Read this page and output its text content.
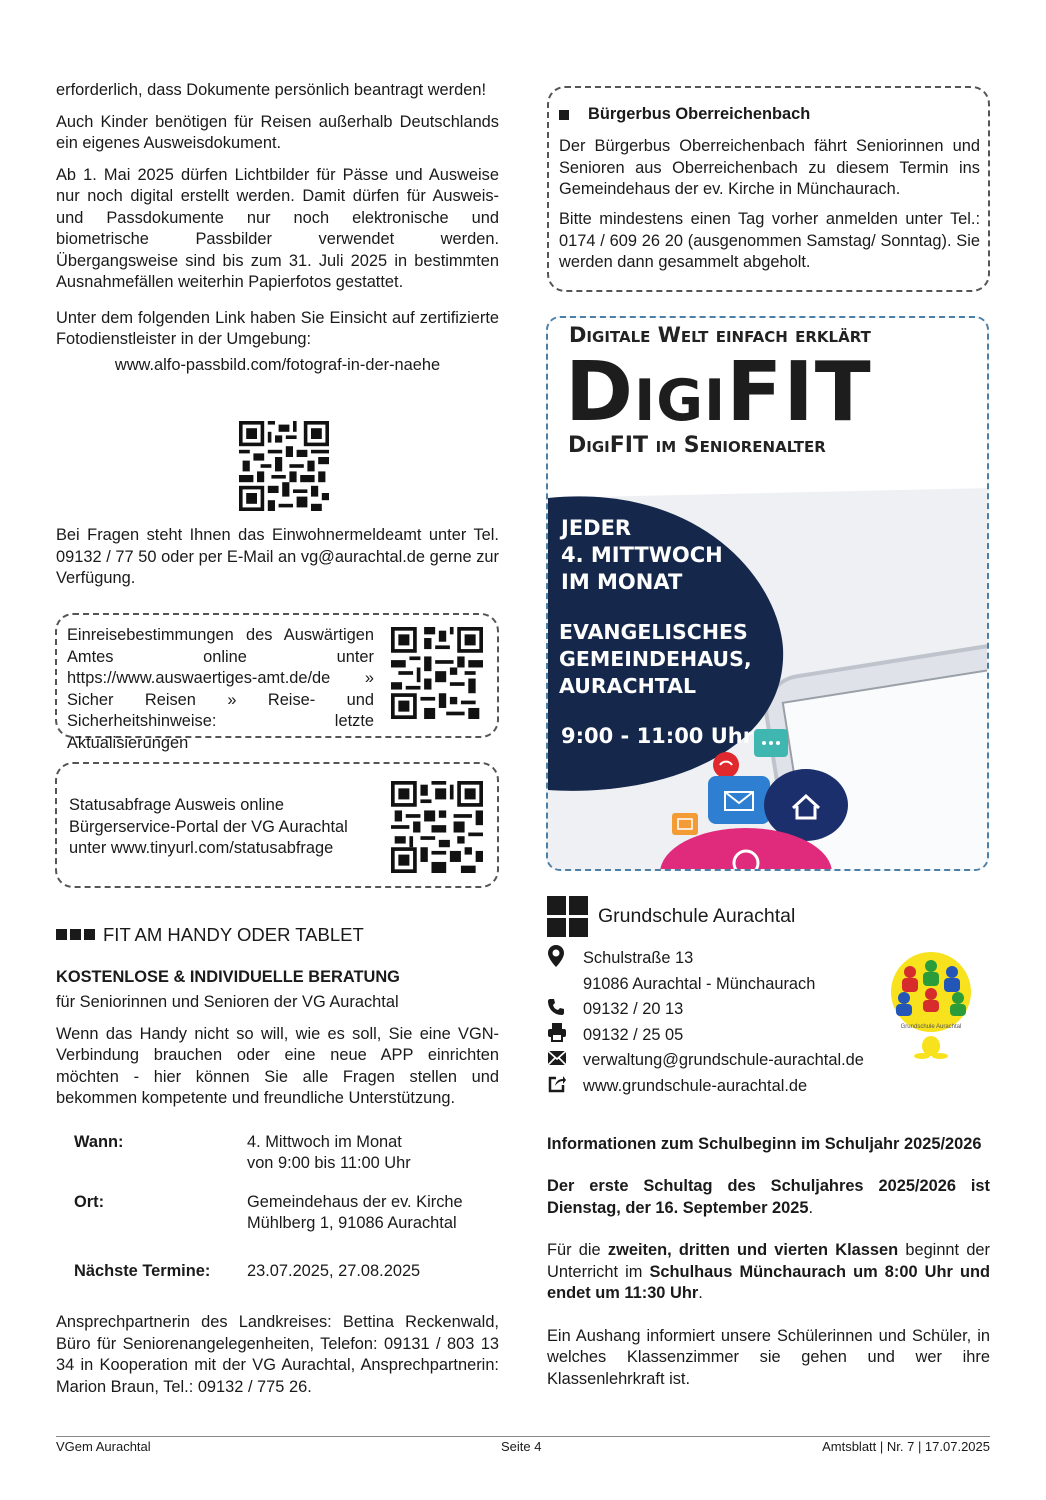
erforderlich, dass Dokumente persönlich beantragt werden!

Auch Kinder benötigen für Reisen außerhalb Deutschlands ein eigenes Ausweisdokument.

Ab 1. Mai 2025 dürfen Lichtbilder für Pässe und Ausweise nur noch digital erstellt werden. Damit dürfen für Ausweis- und Passdokumente nur noch elektronische und biometrische Passbilder verwendet werden. Übergangsweise sind bis zum 31. Juli 2025 in bestimmten Ausnahmefällen weiterhin Papierfotos gestattet.

Unter dem folgenden Link haben Sie Einsicht auf zertifizierte Fotodienstleister in der Umgebung:

www.alfo-passbild.com/fotograf-in-der-naehe

Bei Fragen steht Ihnen das Einwohnermeldeamt unter Tel. 09132 / 77 50 oder per E-Mail an vg@aurachtal.de gerne zur Verfügung.

Einreisebestimmungen des Auswärtigen Amtes online unter https://www.auswaertiges-amt.de/de » Sicher Reisen » Reise- und Sicherheitshinweise: letzte Aktualisierungen

Statusabfrage Ausweis online
Bürgerservice-Portal der VG Aurachtal
unter www.tinyurl.com/statusabfrage
FIT AM HANDY ODER TABLET
KOSTENLOSE & INDIVIDUELLE BERATUNG
für Seniorinnen und Senioren der VG Aurachtal

Wenn das Handy nicht so will, wie es soll, Sie eine VGN-Verbindung brauchen oder eine neue APP einrichten möchten - hier können Sie alle Fragen stellen und bekommen kompetente und freundliche Unterstützung.

Wann:	4. Mittwoch im Monat
von 9:00 bis 11:00 Uhr

Ort:	Gemeindehaus der ev. Kirche
Mühlberg 1, 91086 Aurachtal

Nächste Termine:	23.07.2025, 27.08.2025

Ansprechpartnerin des Landkreises: Bettina Reckenwald, Büro für Seniorenangelegenheiten, Telefon: 09131 / 803 13 34 in Kooperation mit der VG Aurachtal, Ansprechpartnerin: Marion Braun, Tel.: 09132 / 775 26.

Bürgerbus Oberreichenbach

Der Bürgerbus Oberreichenbach fährt Seniorinnen und Senioren aus Oberreichenbach zu diesem Termin ins Gemeindehaus der ev. Kirche in Münchaurach.

Bitte mindestens einen Tag vorher anmelden unter Tel.: 0174 / 609 26 20 (ausgenommen Samstag/ Sonntag). Sie werden dann gesammelt abgeholt.

Digitale Welt einfach erklärt
DigiFIT
DigiFIT im Seniorenalter
JEDER
4. MITTWOCH
IM MONAT
EVANGELISCHES
GEMEINDEHAUS,
AURACHTAL
9:00 - 11:00 Uhr
Grundschule Aurachtal
Schulstraße 13
91086 Aurachtal - Münchaurach
09132 / 20 13
09132 / 25 05
verwaltung@grundschule-aurachtal.de
www.grundschule-aurachtal.de
Grundschule Aurachtal
Informationen zum Schulbeginn im Schuljahr 2025/2026

Der erste Schultag des Schuljahres 2025/2026 ist Dienstag, der 16. September 2025.

Für die zweiten, dritten und vierten Klassen beginnt der Unterricht im Schulhaus Münchaurach um 8:00 Uhr und endet um 11:30 Uhr.

Ein Aushang informiert unsere Schülerinnen und Schüler, in welches Klassenzimmer sie gehen und wer ihre Klassenlehrkraft ist.

VGem Aurachtal	Seite 4	Amtsblatt | Nr. 7 | 17.07.2025
